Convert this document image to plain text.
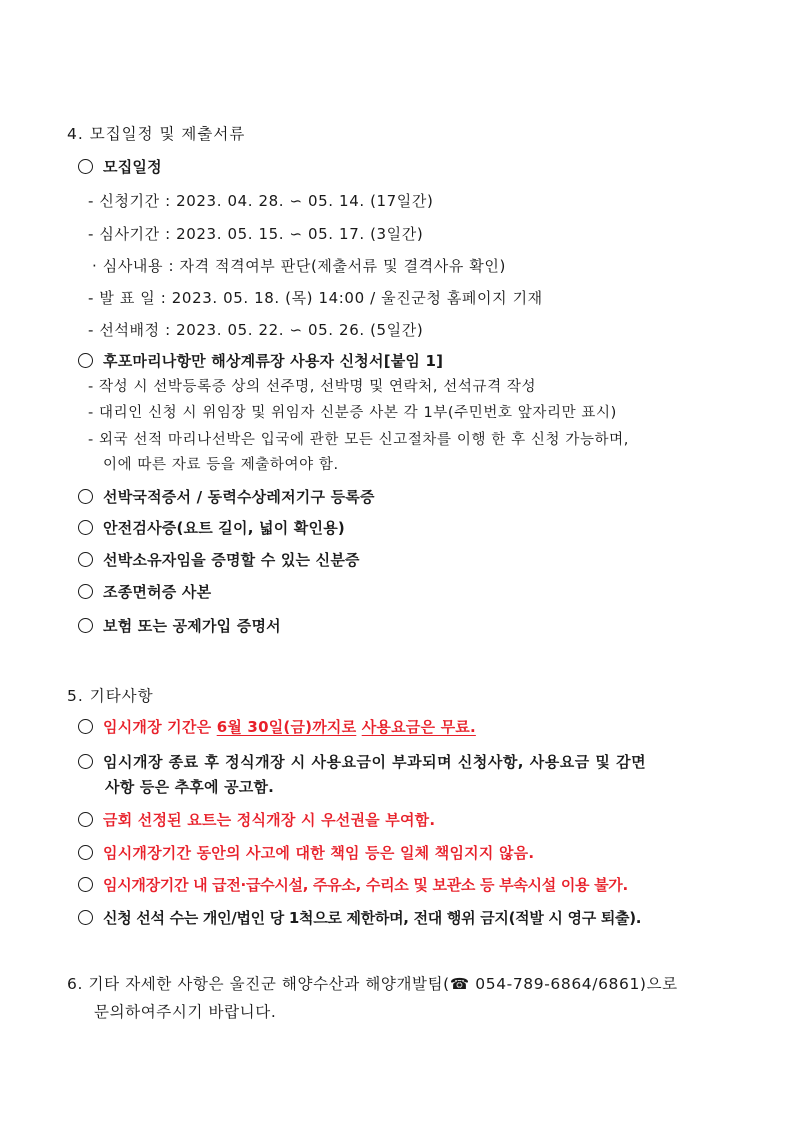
4. 모집일정 및 제출서류
모집일정
- 신청기간 : 2023. 04. 28. ∽ 05. 14. (17일간)
- 심사기간 : 2023. 05. 15. ∽ 05. 17. (3일간)
· 심사내용 : 자격 적격여부 판단(제출서류 및 결격사유 확인)
- 발 표 일 : 2023. 05. 18. (목) 14:00 / 울진군청 홈페이지 기재
- 선석배정 : 2023. 05. 22. ∽ 05. 26. (5일간)
후포마리나항만 해상계류장 사용자 신청서[붙임 1]
- 작성 시 선박등록증 상의 선주명, 선박명 및 연락처, 선석규격 작성
- 대리인 신청 시 위임장 및 위임자 신분증 사본 각 1부(주민번호 앞자리만 표시)
- 외국 선적 마리나선박은 입국에 관한 모든 신고절차를 이행 한 후 신청 가능하며,
이에 따른 자료 등을 제출하여야 함.
선박국적증서 / 동력수상레저기구 등록증
안전검사증(요트 길이, 넓이 확인용)
선박소유자임을 증명할 수 있는 신분증
조종면허증 사본
보험 또는 공제가입 증명서
5. 기타사항
임시개장 기간은 6월 30일(금)까지로 사용요금은 무료.
임시개장 종료 후 정식개장 시 사용요금이 부과되며 신청사항, 사용요금 및 감면
사항 등은 추후에 공고함.
금회 선정된 요트는 정식개장 시 우선권을 부여함.
임시개장기간 동안의 사고에 대한 책임 등은 일체 책임지지 않음.
임시개장기간 내 급전·급수시설, 주유소, 수리소 및 보관소 등 부속시설 이용 불가.
신청 선석 수는 개인/법인 당 1척으로 제한하며, 전대 행위 금지(적발 시 영구 퇴출).
6. 기타 자세한 사항은 울진군 해양수산과 해양개발팀(☎ 054-789-6864/6861)으로
문의하여주시기 바랍니다.
